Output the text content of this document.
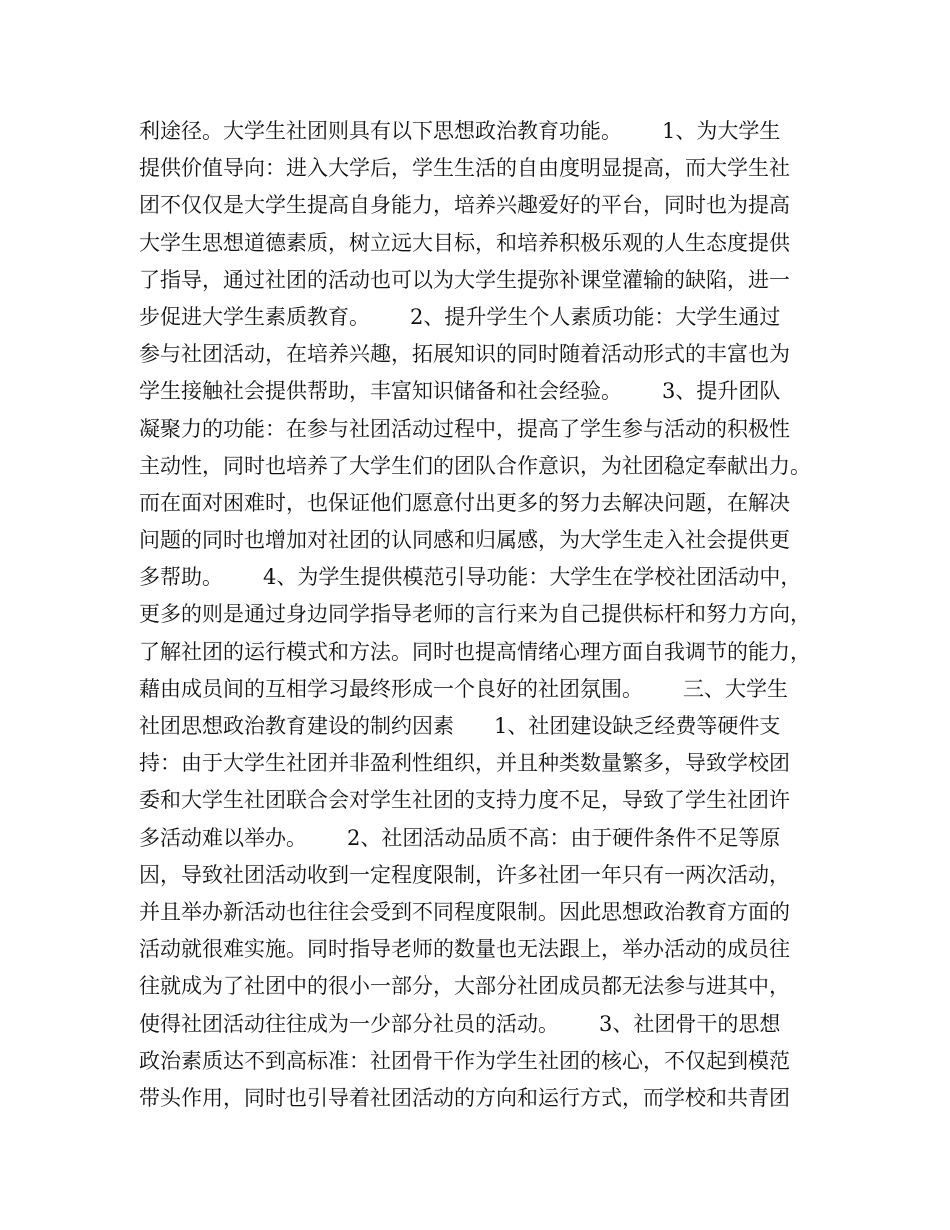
利途径。大学生社团则具有以下思想政治教育功能。      1、为大学生
提供价值导向：进入大学后，学生生活的自由度明显提高，而大学生社
团不仅仅是大学生提高自身能力，培养兴趣爱好的平台，同时也为提高
大学生思想道德素质，树立远大目标，和培养积极乐观的人生态度提供
了指导，通过社团的活动也可以为大学生提弥补课堂灌输的缺陷，进一
步促进大学生素质教育。      2、提升学生个人素质功能：大学生通过
参与社团活动，在培养兴趣，拓展知识的同时随着活动形式的丰富也为
学生接触社会提供帮助，丰富知识储备和社会经验。      3、提升团队
凝聚力的功能：在参与社团活动过程中，提高了学生参与活动的积极性
主动性，同时也培养了大学生们的团队合作意识，为社团稳定奉献出力。
而在面对困难时，也保证他们愿意付出更多的努力去解决问题，在解决
问题的同时也增加对社团的认同感和归属感，为大学生走入社会提供更
多帮助。      4、为学生提供模范引导功能：大学生在学校社团活动中，
更多的则是通过身边同学指导老师的言行来为自己提供标杆和努力方向，
了解社团的运行模式和方法。同时也提高情绪心理方面自我调节的能力，
藉由成员间的互相学习最终形成一个良好的社团氛围。      三、大学生
社团思想政治教育建设的制约因素      1、社团建设缺乏经费等硬件支
持：由于大学生社团并非盈利性组织，并且种类数量繁多，导致学校团
委和大学生社团联合会对学生社团的支持力度不足，导致了学生社团许
多活动难以举办。      2、社团活动品质不高：由于硬件条件不足等原
因，导致社团活动收到一定程度限制，许多社团一年只有一两次活动，
并且举办新活动也往往会受到不同程度限制。因此思想政治教育方面的
活动就很难实施。同时指导老师的数量也无法跟上，举办活动的成员往
往就成为了社团中的很小一部分，大部分社团成员都无法参与进其中，
使得社团活动往往成为一少部分社员的活动。      3、社团骨干的思想
政治素质达不到高标准：社团骨干作为学生社团的核心，不仅起到模范
带头作用，同时也引导着社团活动的方向和运行方式，而学校和共青团
